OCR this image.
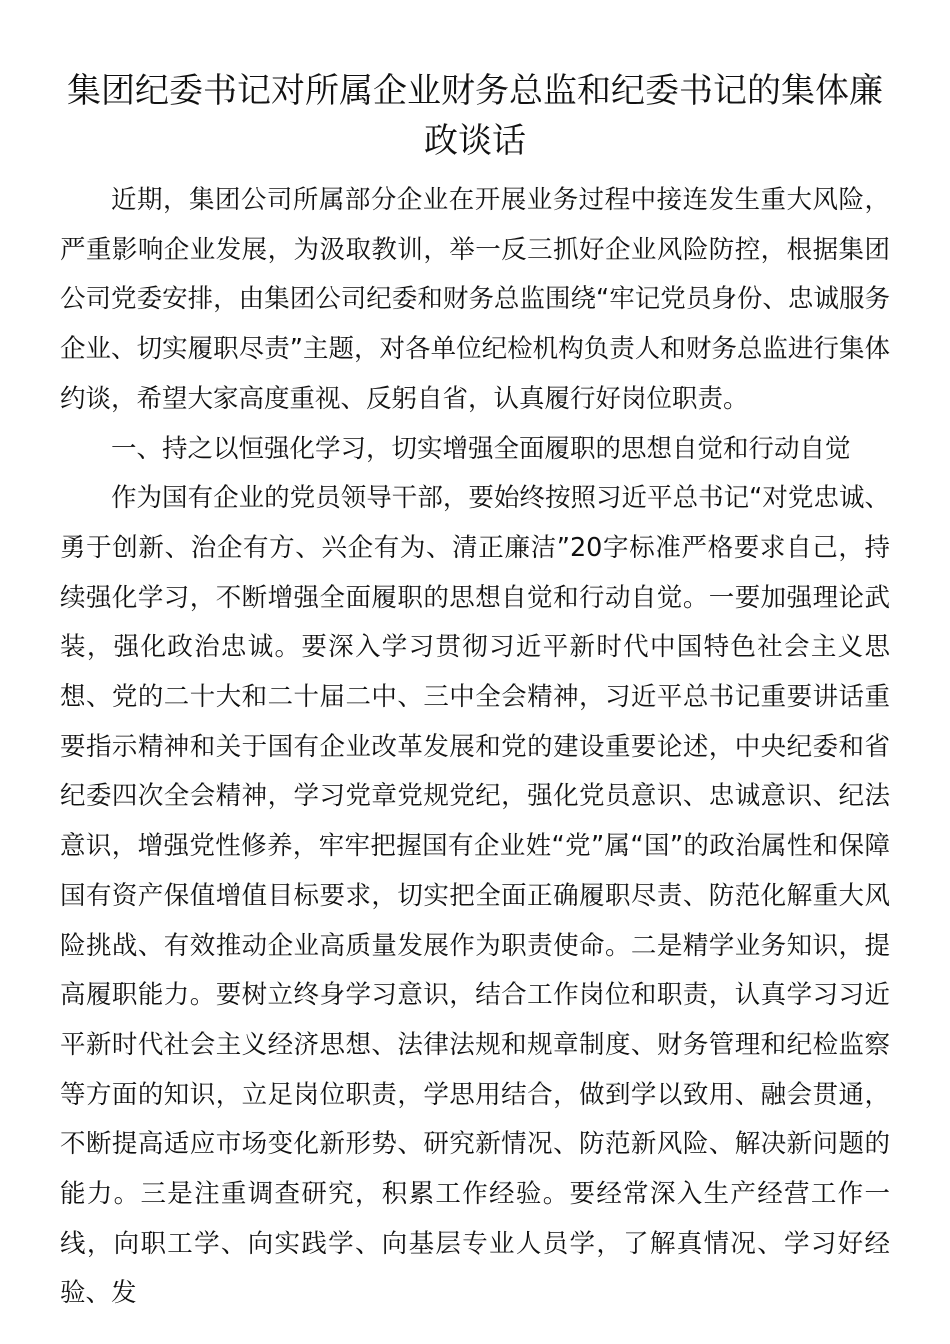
集团纪委书记对所属企业财务总监和纪委书记的集体廉政谈话

近期，集团公司所属部分企业在开展业务过程中接连发生重大风险，严重影响企业发展，为汲取教训，举一反三抓好企业风险防控，根据集团公司党委安排，由集团公司纪委和财务总监围绕“牢记党员身份、忠诚服务企业、切实履职尽责”主题，对各单位纪检机构负责人和财务总监进行集体约谈，希望大家高度重视、反躬自省，认真履行好岗位职责。

一、持之以恒强化学习，切实增强全面履职的思想自觉和行动自觉

作为国有企业的党员领导干部，要始终按照习近平总书记“对党忠诚、勇于创新、治企有方、兴企有为、清正廉洁”20字标准严格要求自己，持续强化学习，不断增强全面履职的思想自觉和行动自觉。一要加强理论武装，强化政治忠诚。要深入学习贯彻习近平新时代中国特色社会主义思想、党的二十大和二十届二中、三中全会精神，习近平总书记重要讲话重要指示精神和关于国有企业改革发展和党的建设重要论述，中央纪委和省纪委四次全会精神，学习党章党规党纪，强化党员意识、忠诚意识、纪法意识，增强党性修养，牢牢把握国有企业姓“党”属“国”的政治属性和保障国有资产保值增值目标要求，切实把全面正确履职尽责、防范化解重大风险挑战、有效推动企业高质量发展作为职责使命。二是精学业务知识，提高履职能力。要树立终身学习意识，结合工作岗位和职责，认真学习习近平新时代社会主义经济思想、法律法规和规章制度、财务管理和纪检监察等方面的知识，立足岗位职责，学思用结合，做到学以致用、融会贯通，不断提高适应市场变化新形势、研究新情况、防范新风险、解决新问题的能力。三是注重调查研究，积累工作经验。要经常深入生产经营工作一线，向职工学、向实践学、向基层专业人员学，了解真情况、学习好经验、发
